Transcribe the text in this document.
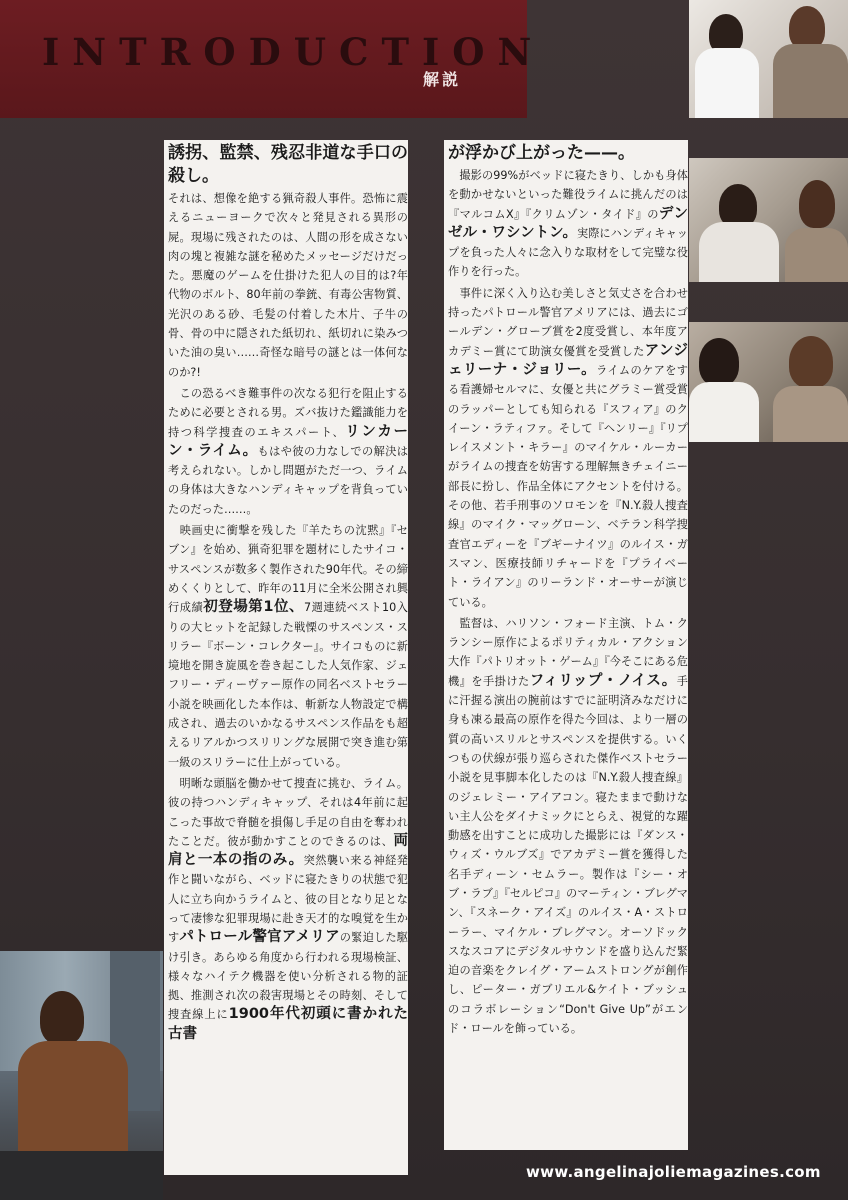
INTRODUCTION
解説

誘拐、監禁、残忍非道な手口の殺し。

それは、想像を絶する猟奇殺人事件。恐怖に震えるニューヨークで次々と発見される異形の屍。現場に残されたのは、人間の形を成さない肉の塊と複雑な謎を秘めたメッセージだけだった。悪魔のゲームを仕掛けた犯人の目的は?年代物のボルト、80年前の拳銃、有毒公害物質、光沢のある砂、毛髪の付着した木片、子牛の骨、骨の中に隠された紙切れ、紙切れに染みついた油の臭い……奇怪な暗号の謎とは一体何なのか?!

　この恐るべき難事件の次なる犯行を阻止するために必要とされる男。ズバ抜けた鑑識能力を持つ科学捜査のエキスパート、リンカーン・ライム。もはや彼の力なしでの解決は考えられない。しかし問題がただ一つ、ライムの身体は大きなハンディキャップを背負っていたのだった……。

　映画史に衝撃を残した『羊たちの沈黙』『セブン』を始め、猟奇犯罪を題材にしたサイコ・サスペンスが数多く製作された90年代。その締めくくりとして、昨年の11月に全米公開され興行成績初登場第1位、7週連続ベスト10入りの大ヒットを記録した戦慄のサスペンス・スリラー『ボーン・コレクター』。サイコものに新境地を開き旋風を巻き起こした人気作家、ジェフリー・ディーヴァー原作の同名ベストセラー小説を映画化した本作は、斬新な人物設定で構成され、過去のいかなるサスペンス作品をも超えるリアルかつスリリングな展開で突き進む第一級のスリラーに仕上がっている。

　明晰な頭脳を働かせて捜査に挑む、ライム。彼の持つハンディキャップ、それは4年前に起こった事故で脊髄を損傷し手足の自由を奪われたことだ。彼が動かすことのできるのは、両肩と一本の指のみ。突然襲い来る神経発作と闘いながら、ベッドに寝たきりの状態で犯人に立ち向かうライムと、彼の目となり足となって凄惨な犯罪現場に赴き天才的な嗅覚を生かすパトロール警官アメリアの緊迫した駆け引き。あらゆる角度から行われる現場検証、様々なハイテク機器を使い分析される物的証拠、推測され次の殺害現場とその時刻、そして捜査線上に1900年代初頭に書かれた古書

が浮かび上がった——。

　撮影の99%がベッドに寝たきり、しかも身体を動かせないといった難役ライムに挑んだのは『マルコムX』『クリムゾン・タイド』のデンゼル・ワシントン。実際にハンディキャップを負った人々に念入りな取材をして完璧な役作りを行った。

　事件に深く入り込む美しさと気丈さを合わせ持ったパトロール警官アメリアには、過去にゴールデン・グローブ賞を2度受賞し、本年度アカデミー賞にて助演女優賞を受賞したアンジェリーナ・ジョリー。ライムのケアをする看護婦セルマに、女優と共にグラミー賞受賞のラッパーとしても知られる『スフィア』のクイーン・ラティファ。そして『ヘンリー』『リプレイスメント・キラー』のマイケル・ルーカーがライムの捜査を妨害する理解無きチェイニー部長に扮し、作品全体にアクセントを付ける。その他、若手刑事のソロモンを『N.Y.殺人捜査線』のマイク・マッグローン、ベテラン科学捜査官エディーを『ブギーナイツ』のルイス・ガスマン、医療技師リチャードを『プライベート・ライアン』のリーランド・オーサーが演じている。

　監督は、ハリソン・フォード主演、トム・クランシー原作によるポリティカル・アクション大作『パトリオット・ゲーム』『今そこにある危機』を手掛けたフィリップ・ノイス。手に汗握る演出の腕前はすでに証明済みなだけに身も凍る最高の原作を得た今回は、より一層の質の高いスリルとサスペンスを提供する。いくつもの伏線が張り巡らされた傑作ベストセラー小説を見事脚本化したのは『N.Y.殺人捜査線』のジェレミー・アイアコン。寝たままで動けない主人公をダイナミックにとらえ、視覚的な躍動感を出すことに成功した撮影には『ダンス・ウィズ・ウルブズ』でアカデミー賞を獲得した名手ディーン・セムラー。製作は『シー・オブ・ラブ』『セルピコ』のマーティン・ブレグマン、『スネーク・アイズ』のルイス・A・ストローラー、マイケル・ブレグマン。オーソドックスなスコアにデジタルサウンドを盛り込んだ緊迫の音楽をクレイグ・アームストロングが創作し、ピーター・ガブリエル&ケイト・ブッシュのコラボレーション“Don't Give Up”がエンド・ロールを飾っている。

www.angelinajoliemagazines.com
